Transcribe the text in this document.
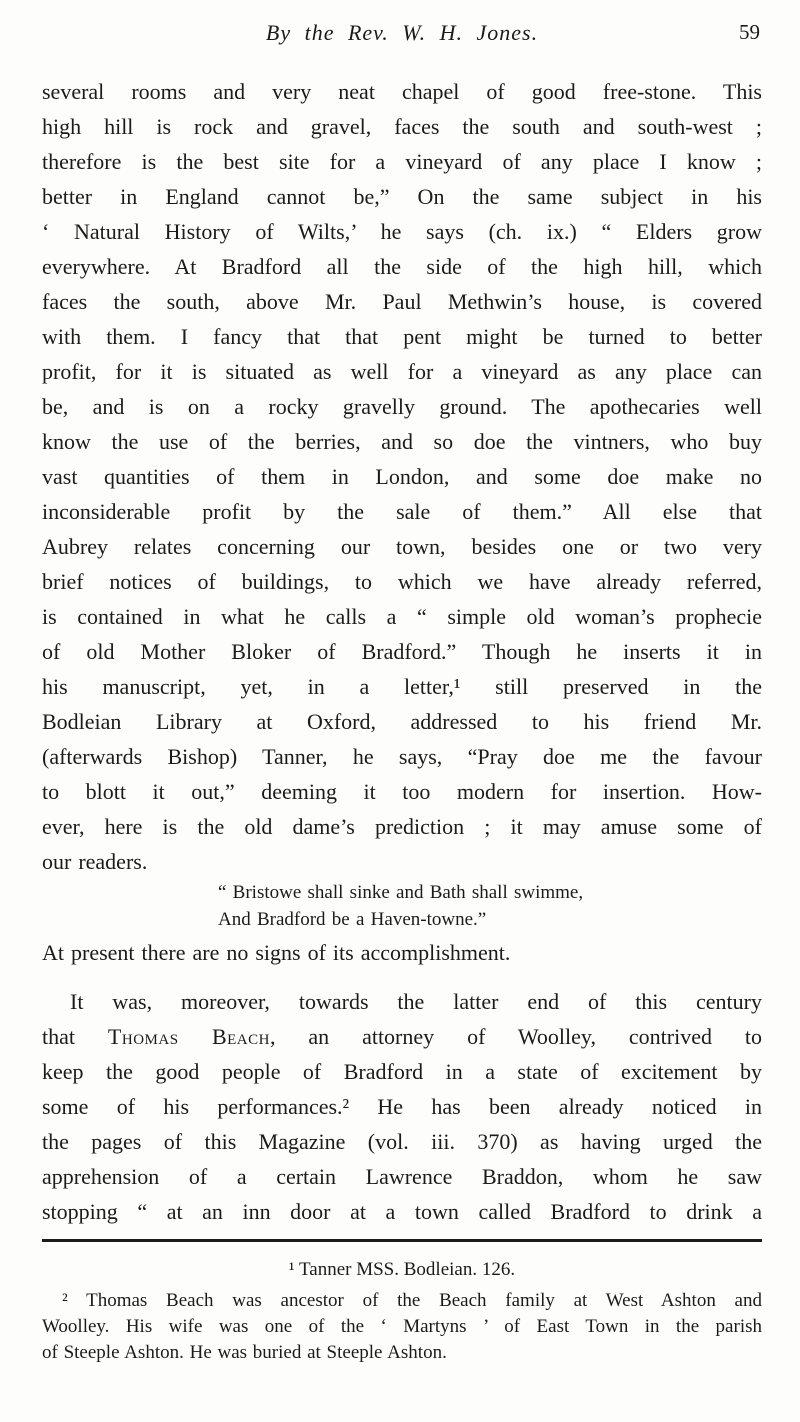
By the Rev. W. H. Jones.	59
several rooms and very neat chapel of good free-stone. This
high hill is rock and gravel, faces the south and south-west ;
therefore is the best site for a vineyard of any place I know ;
better in England cannot be,” On the same subject in his
‘ Natural History of Wilts,’ he says (ch. ix.) “ Elders grow
everywhere. At Bradford all the side of the high hill, which
faces the south, above Mr. Paul Methwin’s house, is covered
with them. I fancy that that pent might be turned to better
profit, for it is situated as well for a vineyard as any place can
be, and is on a rocky gravelly ground. The apothecaries well
know the use of the berries, and so doe the vintners, who buy
vast quantities of them in London, and some doe make no
inconsiderable profit by the sale of them.” All else that
Aubrey relates concerning our town, besides one or two very
brief notices of buildings, to which we have already referred,
is contained in what he calls a “ simple old woman’s prophecie
of old Mother Bloker of Bradford.” Though he inserts it in
his manuscript, yet, in a letter,¹ still preserved in the
Bodleian Library at Oxford, addressed to his friend Mr.
(afterwards Bishop) Tanner, he says, “Pray doe me the favour
to blott it out,” deeming it too modern for insertion. How-
ever, here is the old dame’s prediction ; it may amuse some of
our readers.
“ Bristowe shall sinke and Bath shall swimme,
And Bradford be a Haven-towne.”
At present there are no signs of its accomplishment.
It was, moreover, towards the latter end of this century
that Thomas Beach, an attorney of Woolley, contrived to
keep the good people of Bradford in a state of excitement by
some of his performances.² He has been already noticed in
the pages of this Magazine (vol. iii. 370) as having urged the
apprehension of a certain Lawrence Braddon, whom he saw
stopping “ at an inn door at a town called Bradford to drink a
¹ Tanner MSS. Bodleian. 126.
² Thomas Beach was ancestor of the Beach family at West Ashton and
Woolley. His wife was one of the ‘ Martyns ’ of East Town in the parish
of Steeple Ashton. He was buried at Steeple Ashton.
